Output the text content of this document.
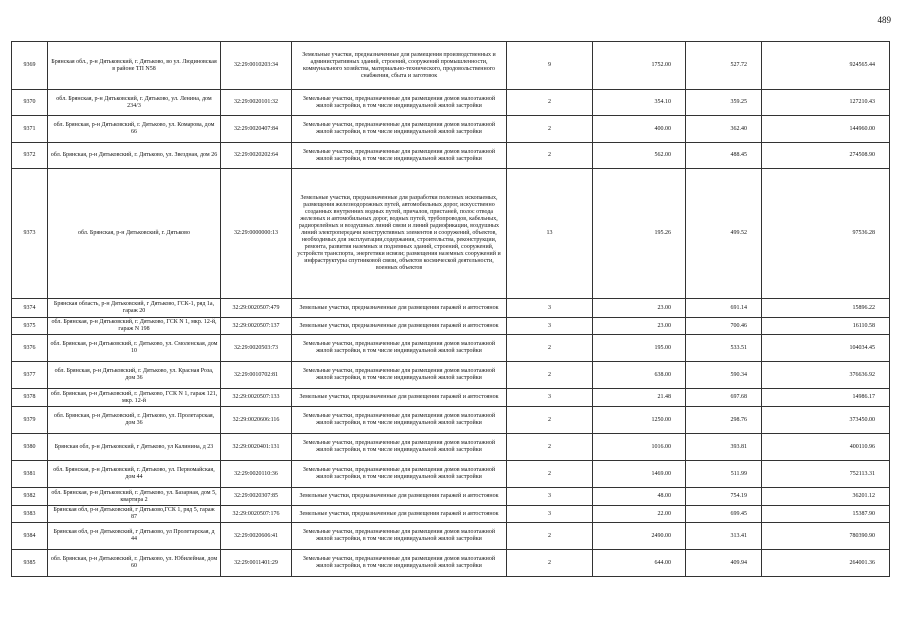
489
9369	Брянская обл., р-н Дятьковский, г. Дятьково, во ул. Людиновская в районе ТП N58	32:29:0010203:34	Земельные участки, предназначенные для размещения производственных и административных зданий, строений, сооружений промышленности, коммунального хозяйства, материально-технического, продовольственного снабжения, сбыта и заготовок	9	1752.00	527.72	924565.44
9370	обл. Брянская, р-н Дятьковский, г. Дятьково, ул. Ленина, дом 234/3	32:29:0020101:32	Земельные участки, предназначенные для размещения домов малоэтажной жилой застройки, в том числе индивидуальной жилой застройки	2	354.10	359.25	127210.43
9371	обл. Брянская, р-н Дятьковский, г. Дятьково, ул. Комарова, дом 66	32:29:0020407:84	Земельные участки, предназначенные для размещения домов малоэтажной жилой застройки, в том числе индивидуальной жилой застройки	2	400.00	362.40	144960.00
9372	обл. Брянская, р-н Дятьковский, г. Дятьково, ул. Звездная, дом 26	32:29:0020202:64	Земельные участки, предназначенные для размещения домов малоэтажной жилой застройки, в том числе индивидуальной жилой застройки	2	562.00	488.45	274508.90
9373	обл. Брянская, р-н Дятьковский, г. Дятьково	32:29:0000000:13	Земельные участки, предназначенные для разработки полезных ископаемых, размещения железнодорожных путей, автомобильных дорог, искусственно созданных внутренних водных путей, причалов, пристаней, полос отвода железных и автомобильных дорог, водных путей, трубопроводов, кабельных, радиорелейных и воздушных линий связи и линий радиофикации, воздушных линий электропередачи конструктивных элементов и сооружений, объектов, необходимых для эксплуатации,содержания, строительства, реконструкции, ремонта, развития наземных и подземных зданий, строений, сооружений, устройств транспорта, энергетики исвязи; размещения наземных сооружений и инфраструктуры спутниковой связи, объектов космической деятельности, военных объектов	13	195.26	499.52	97536.28
9374	Брянская область, р-н Дятьковский, г Дятьково, ГСК-1, ряд 1а, гараж 20	32:29:0020507:479	Земельные участки, предназначенные для размещения гаражей и автостоянок	3	23.00	691.14	15896.22
9375	обл. Брянская, р-н Дятьковский, г. Дятьково, ГСК N 1, мкр. 12-й, гараж N 198	32:29:0020507:137	Земельные участки, предназначенные для размещения гаражей и автостоянок	3	23.00	700.46	16110.58
9376	обл. Брянская, р-н Дятьковский, г. Дятьково, ул. Смоленская, дом 10	32:29:0020503:73	Земельные участки, предназначенные для размещения домов малоэтажной жилой застройки, в том числе индивидуальной жилой застройки	2	195.00	533.51	104034.45
9377	обл. Брянская, р-н Дятьковский, г. Дятьково, ул. Красная Роза, дом 36	32:29:0010702:81	Земельные участки, предназначенные для размещения домов малоэтажной жилой застройки, в том числе индивидуальной жилой застройки	2	638.00	590.34	376636.92
9378	обл. Брянская, р-н Дятьковский, г. Дятьково, ГСК N 1, гараж 121, мкр. 12-й	32:29:0020507:133	Земельные участки, предназначенные для размещения гаражей и автостоянок	3	21.48	697.68	14986.17
9379	обл. Брянская, р-н Дятьковский, г. Дятьково, ул. Пролетарская, дом 36	32:29:0020606:116	Земельные участки, предназначенные для размещения домов малоэтажной жилой застройки, в том числе индивидуальной жилой застройки	2	1250.00	298.76	373450.00
9380	Брянская обл, р-н Дятьковский, г Дятьково, ул Калинина, д 23	32:29:0020401:131	Земельные участки, предназначенные для размещения домов малоэтажной жилой застройки, в том числе индивидуальной жилой застройки	2	1016.00	393.81	400110.96
9381	обл. Брянская, р-н Дятьковский, г. Дятьково, ул. Первомайская, дом 44	32:29:0020110:36	Земельные участки, предназначенные для размещения домов малоэтажной жилой застройки, в том числе индивидуальной жилой застройки	2	1469.00	511.99	752113.31
9382	обл. Брянская, р-н Дятьковский, г. Дятьково, ул. Базарная, дом 5, квартира 2	32:29:0020307:85	Земельные участки, предназначенные для размещения гаражей и автостоянок	3	48.00	754.19	36201.12
9383	Брянская обл, р-н Дятьковский, г Дятьково,ГСК 1, ряд 5, гараж 87	32:29:0020507:176	Земельные участки, предназначенные для размещения гаражей и автостоянок	3	22.00	699.45	15387.90
9384	Брянская обл, р-н Дятьковский, г Дятьково, ул Пролетарская, д 44	32:29:0020606:41	Земельные участки, предназначенные для размещения домов малоэтажной жилой застройки, в том числе индивидуальной жилой застройки	2	2490.00	313.41	780390.90
9385	обл. Брянская, р-н Дятьковский, г. Дятьково, ул. Юбилейная, дом 60	32:29:0011401:29	Земельные участки, предназначенные для размещения домов малоэтажной жилой застройки, в том числе индивидуальной жилой застройки	2	644.00	409.94	264001.36
